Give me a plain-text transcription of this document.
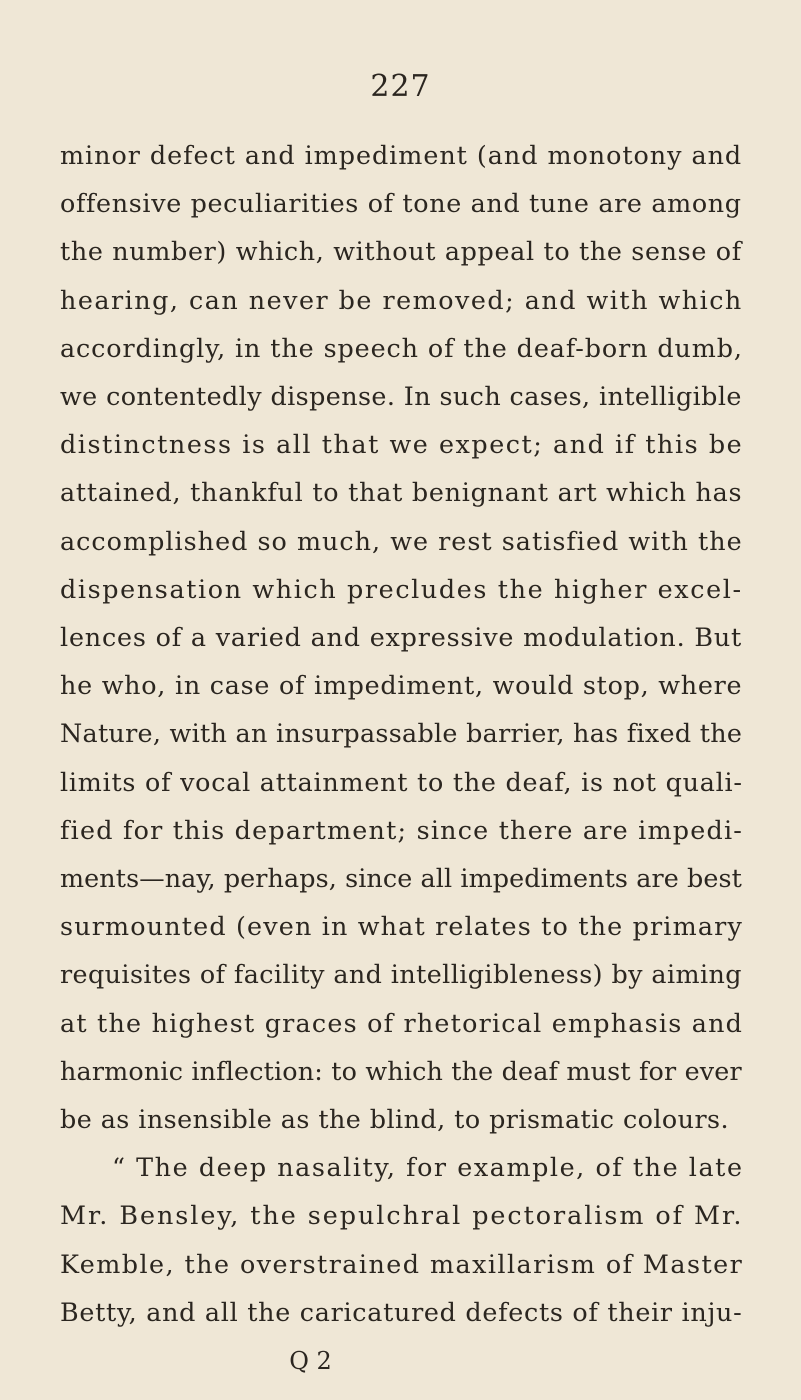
227
minor defect and impediment (and monotony and
offensive peculiarities of tone and tune are among
the number) which, without appeal to the sense of
hearing, can never be removed; and with which
accordingly, in the speech of the deaf-born dumb,
we contentedly dispense. In such cases, intelligible
distinctness is all that we expect; and if this be
attained, thankful to that benignant art which has
accomplished so much, we rest satisfied with the
dispensation which precludes the higher excel-
lences of a varied and expressive modulation. But
he who, in case of impediment, would stop, where
Nature, with an insurpassable barrier, has fixed the
limits of vocal attainment to the deaf, is not quali-
fied for this department; since there are impedi-
ments—nay, perhaps, since all impediments are best
surmounted (even in what relates to the primary
requisites of facility and intelligibleness) by aiming
at the highest graces of rhetorical emphasis and
harmonic inflection: to which the deaf must for ever
be as insensible as the blind, to prismatic colours.
“ The deep nasality, for example, of the late
Mr. Bensley, the sepulchral pectoralism of Mr.
Kemble, the overstrained maxillarism of Master
Betty, and all the caricatured defects of their inju-
Q 2
